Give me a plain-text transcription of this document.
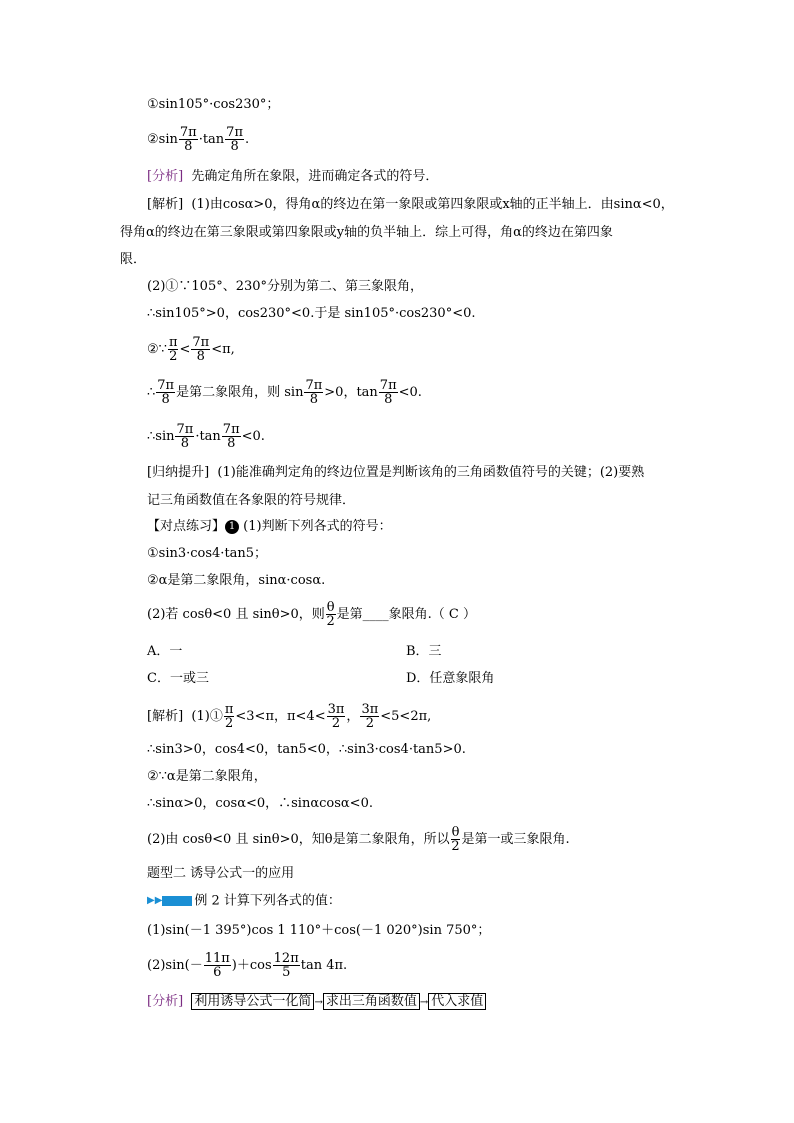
①sin105°·cos230°；
②sin $\frac{7\pi}{8} \cdot\tan \frac{7\pi}{8}$ .
[分析] 先确定角所在象限，进而确定各式的符号．
[解析] (1)由cosα>0，得角α的终边在第一象限或第四象限或x轴的正半轴上．由sinα<0，
得角α的终边在第三象限或第四象限或y轴的负半轴上．综上可得，角α的终边在第四象
限．
(2)①∵105°、230°分别为第二、第三象限角，
∴sin105°>0，cos230°<0.于是 sin105°·cos230°<0.
②∵ $\frac{\pi}{2} < \frac{7\pi}{8} <\pi$,
∴ $\frac{7\pi}{8}$ 是第二象限角，则 $\sin \frac{7\pi}{8} >0$，$\tan \frac{7\pi}{8} <0$.
∴sin $\frac{7\pi}{8} \cdot\tan \frac{7\pi}{8} <0$.
[归纳提升] (1)能准确判定角的终边位置是判断该角的三角函数值符号的关键；(2)要熟
记三角函数值在各象限的符号规律．
【对点练习】 1 (1)判断下列各式的符号：
①sin3·cos4·tan5；
②α是第二象限角，sinα·cosα.
(2)若 cosθ<0 且 sinθ>0，则 $\frac{\theta}{2}$ 是第____象限角.（ C ）
A．一	B．三
C．一或三	D．任意象限角
[解析] (1)① $\frac{\pi}{2} <3<\pi$，$\pi<4< \frac{3\pi}{2}$ ， $\frac{3\pi}{2} <5<2\pi$,
∴sin3>0，cos4<0，tan5<0，∴sin3·cos4·tan5>0.
②∵α是第二象限角，
∴sinα>0，cosα<0，∴sinαcosα<0.
(2)由 cosθ<0 且 sinθ>0，知θ是第二象限角，所以 $\frac{\theta}{2}$ 是第一或三象限角.
题型二 诱导公式一的应用
▶▶ 例 2 计算下列各式的值：
(1)sin(－1 395°)cos 1 110°＋cos(－1 020°)sin 750°；
$(2)\sin(- \frac{11\pi}{6} )+\cos \frac{12\pi}{5}$ tan 4π.
[分析] 利用诱导公式一化简 → 求出三角函数值 → 代入求值
